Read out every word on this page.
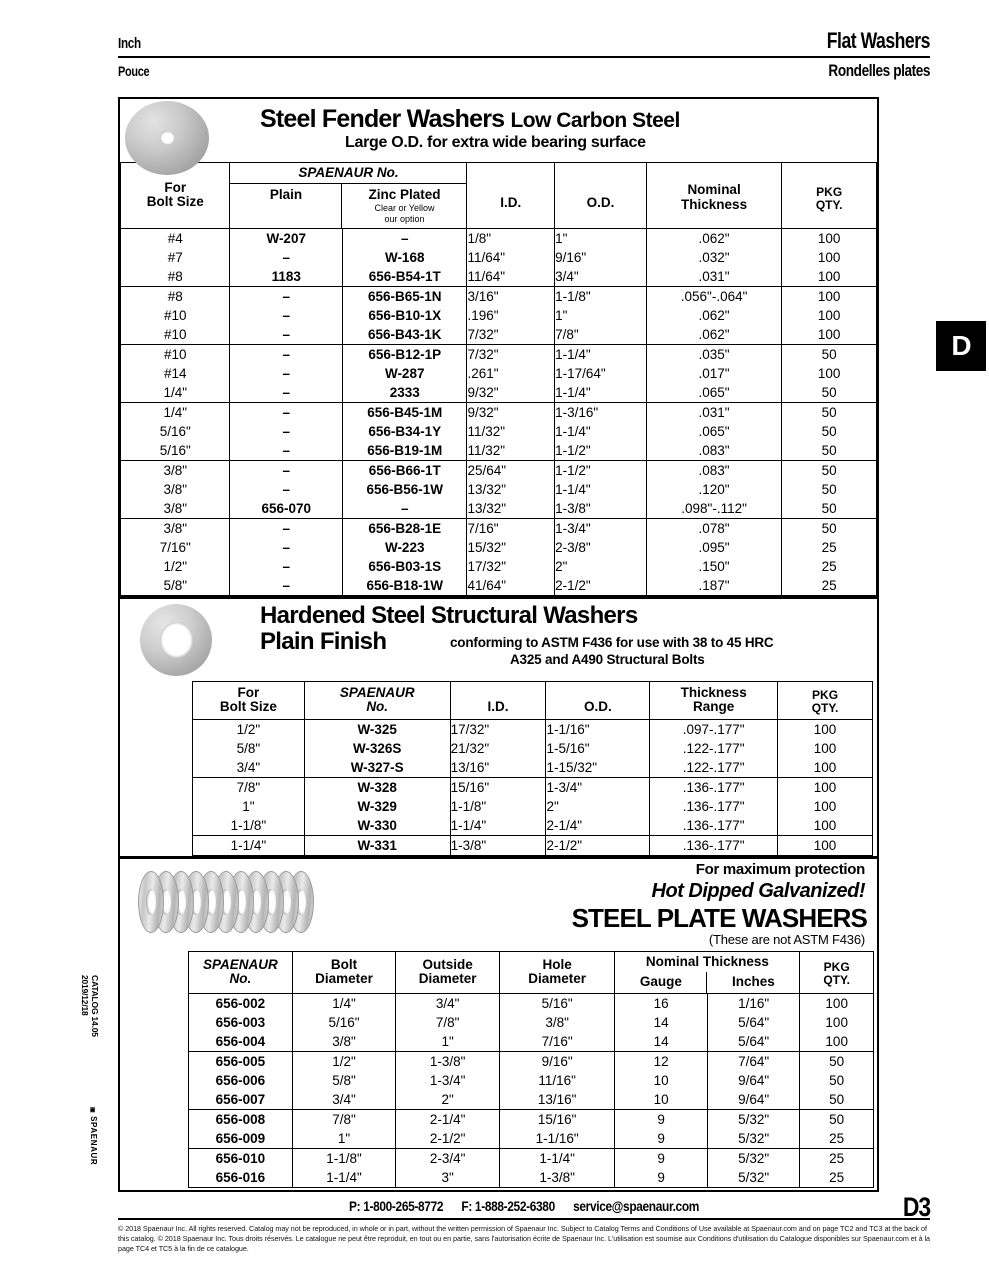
Inch	Flat Washers
Pouce	Rondelles plates
D
CATALOG 14.05
2019/12/18
▣ SPAENAUR
Steel Fender Washers Low Carbon Steel
Large O.D. for extra wide bearing surface
For
Bolt Size

SPAENAUR No.
Plain	Zinc Plated
Clear or Yellow
our option

I.D.	O.D.

Nominal
Thickness

PKG
QTY.

#4	W-207	–	1/8"	1"	.062"	100
#7	–	W-168	11/64"	9/16"	.032"	100
#8	1183	656-B54-1T	11/64"	3/4"	.031"	100
#8	–	656-B65-1N	3/16"	1-1/8"	.056"-.064"	100
#10	–	656-B10-1X	.196"	1"	.062"	100
#10	–	656-B43-1K	7/32"	7/8"	.062"	100
#10	–	656-B12-1P	7/32"	1-1/4"	.035"	50
#14	–	W-287	.261"	1-17/64"	.017"	100
1/4"	–	2333	9/32"	1-1/4"	.065"	50
1/4"	–	656-B45-1M	9/32"	1-3/16"	.031"	50
5/16"	–	656-B34-1Y	11/32"	1-1/4"	.065"	50
5/16"	–	656-B19-1M	11/32"	1-1/2"	.083"	50
3/8"	–	656-B66-1T	25/64"	1-1/2"	.083"	50
3/8"	–	656-B56-1W	13/32"	1-1/4"	.120"	50
3/8"	656-070	–	13/32"	1-3/8"	.098"-.112"	50
3/8"	–	656-B28-1E	7/16"	1-3/4"	.078"	50
7/16"	–	W-223	15/32"	2-3/8"	.095"	25
1/2"	–	656-B03-1S	17/32"	2"	.150"	25
5/8"	–	656-B18-1W	41/64"	2-1/2"	.187"	25
Hardened Steel Structural Washers
Plain Finish	conforming to ASTM F436 for use with 38 to 45 HRC
A325 and A490 Structural Bolts
For
Bolt Size	SPAENAUR
No.	I.D.	O.D.	Thickness
Range	PKG
QTY.

1/2"	W-325	17/32"	1-1/16"	.097-.177"	100
5/8"	W-326S	21/32"	1-5/16"	.122-.177"	100
3/4"	W-327-S	13/16"	1-15/32"	.122-.177"	100
7/8"	W-328	15/16"	1-3/4"	.136-.177"	100
1"	W-329	1-1/8"	2"	.136-.177"	100
1-1/8"	W-330	1-1/4"	2-1/4"	.136-.177"	100
1-1/4"	W-331	1-3/8"	2-1/2"	.136-.177"	100
For maximum protection
Hot Dipped Galvanized!
STEEL PLATE WASHERS
(These are not ASTM F436)
SPAENAUR
No.

Bolt
Diameter

Outside
Diameter

Hole
Diameter

Nominal Thickness
Gauge	Inches

PKG
QTY.

656-002	1/4"	3/4"	5/16"	16	1/16"	100
656-003	5/16"	7/8"	3/8"	14	5/64"	100
656-004	3/8"	1"	7/16"	14	5/64"	100
656-005	1/2"	1-3/8"	9/16"	12	7/64"	50
656-006	5/8"	1-3/4"	11/16"	10	9/64"	50
656-007	3/4"	2"	13/16"	10	9/64"	50
656-008	7/8"	2-1/4"	15/16"	9	5/32"	50
656-009	1"	2-1/2"	1-1/16"	9	5/32"	25
656-010	1-1/8"	2-3/4"	1-1/4"	9	5/32"	25
656-016	1-1/4"	3"	1-3/8"	9	5/32"	25
P: 1-800-265-8772 F: 1-888-252-6380 service@spaenaur.com	D3
© 2018 Spaenaur Inc. All rights reserved. Catalog may not be reproduced, in whole or in part, without the written permission of Spaenaur Inc. Subject to Catalog Terms and Conditions of Use available at Spaenaur.com and on page TC2 and TC3 at the back of this catalog. © 2018 Spaenaur Inc. Tous droits réservés. Le catalogue ne peut être reproduit, en tout ou en partie, sans l'autorisation écrite de Spaenaur Inc. L'utilisation est soumise aux Conditions d'utilisation du Catalogue disponibles sur Spaenaur.com et à la page TC4 et TC5 à la fin de ce catalogue.
